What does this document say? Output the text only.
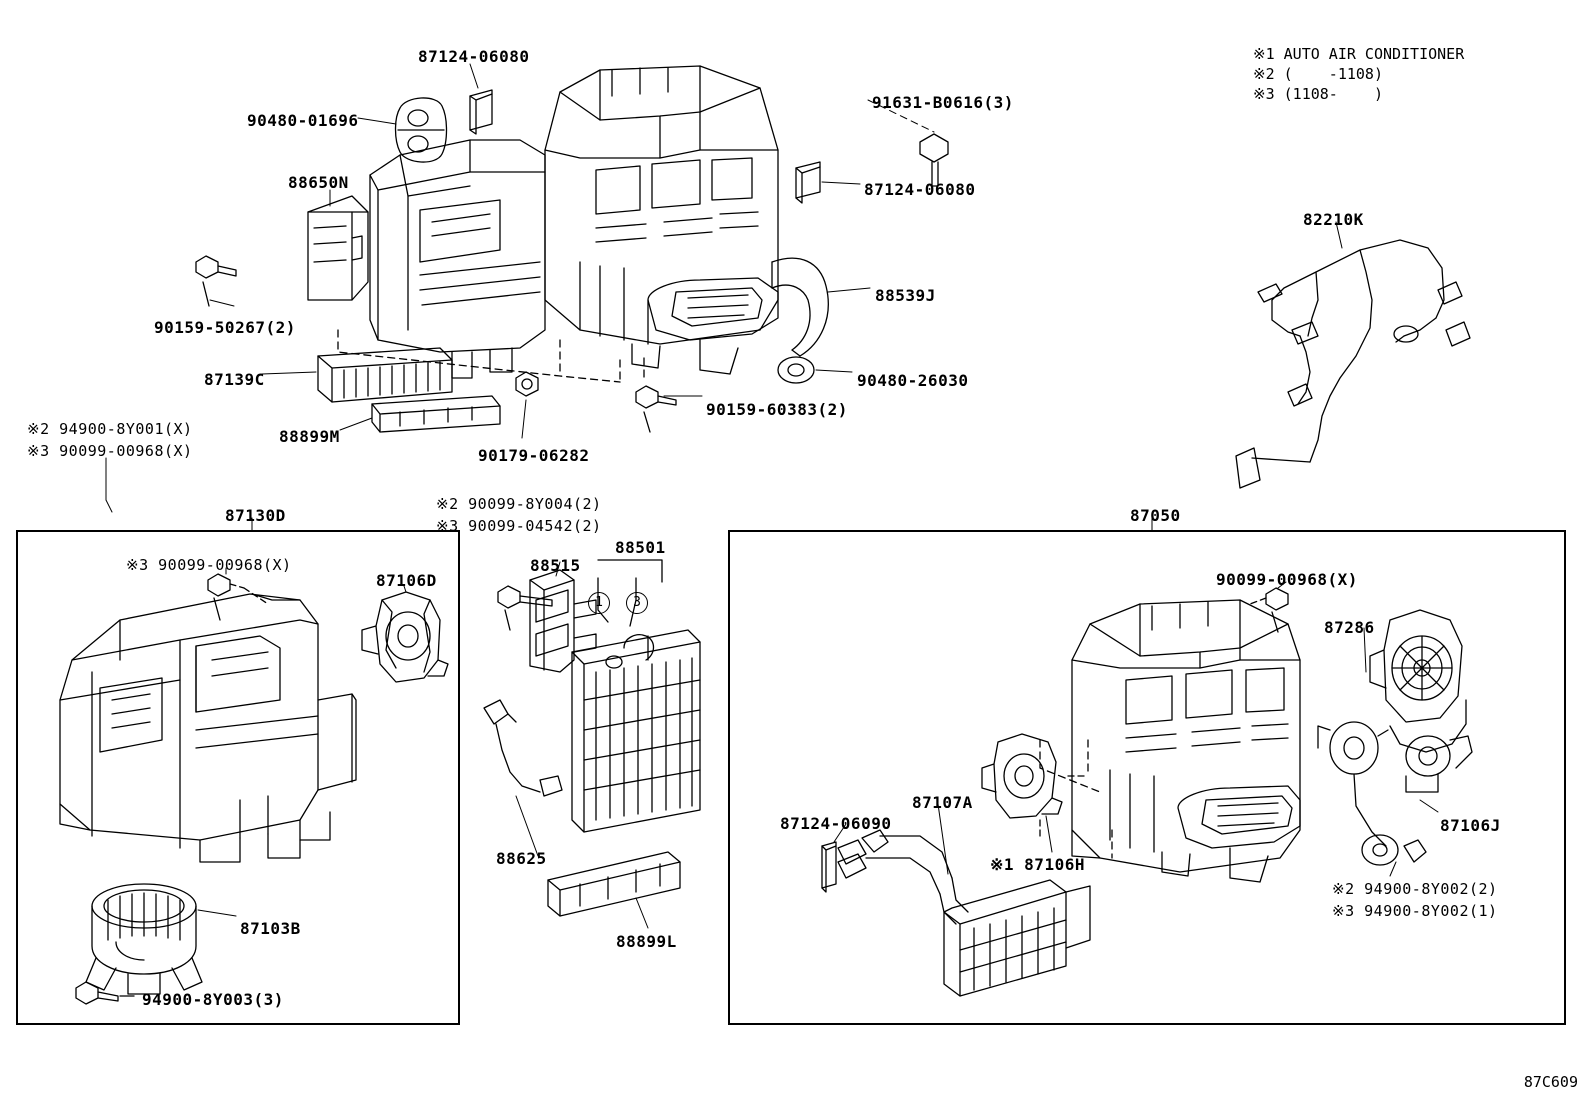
※1 AUTO AIR CONDITIONER
※2 (    -1108)
※3 (1108-    )
87130D	87050
87124-06080
90480-01696
88650N
90159-50267(2)
87139C
88899M
90179-06282
※2 94900-8Y001(X)
※3 90099-00968(X)
91631-B0616(3)
87124-06080
88539J
90480-26030
90159-60383(2)
82210K
※2 90099-8Y004(2)
※3 90099-04542(2)
88515
88501
88625
88899L
※3 90099-00968(X)
87106D
87103B
94900-8Y003(3)
90099-00968(X)
87286
87106J
87124-06090
87107A
※1 87106H
※2 94900-8Y002(2)
※3 94900-8Y002(1)
1	3
87C609
